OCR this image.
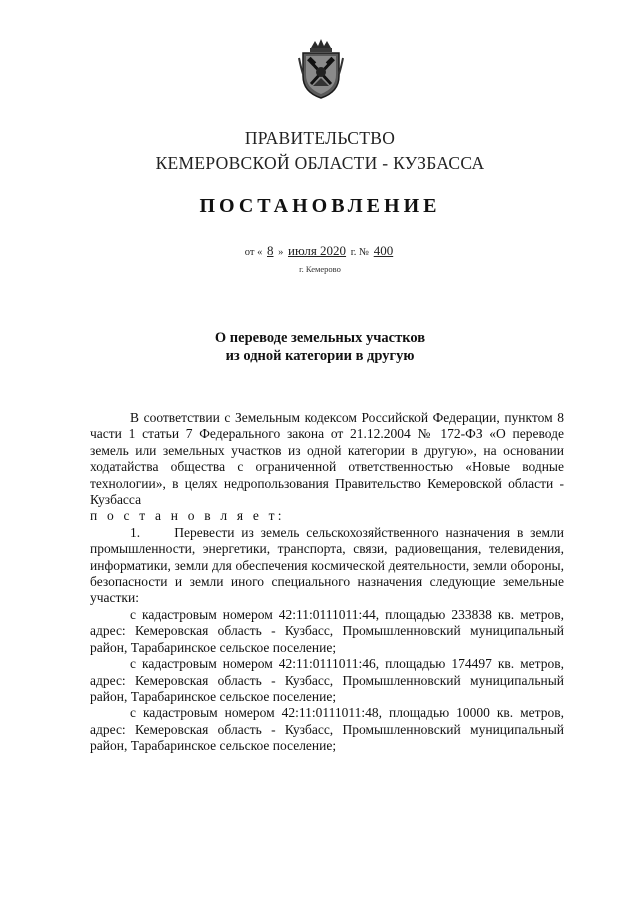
ПРАВИТЕЛЬСТВО
КЕМЕРОВСКОЙ ОБЛАСТИ - КУЗБАССА
ПОСТАНОВЛЕНИЕ
от « 8 » июля 2020 г. № 400
г. Кемерово
О переводе земельных участков
из одной категории в другую

В соответствии с Земельным кодексом Российской Федерации, пунктом 8 части 1 статьи 7 Федерального закона от 21.12.2004 № 172-ФЗ «О переводе земель или земельных участков из одной категории в другую», на основании ходатайства общества с ограниченной ответственностью «Новые водные технологии», в целях недропользования Правительство Кемеровской области - Кузбасса

п о с т а н о в л я е т:

1.     Перевести из земель сельскохозяйственного назначения в земли промышленности, энергетики, транспорта, связи, радиовещания, телевидения, информатики, земли для обеспечения космической деятельности, земли обороны, безопасности и земли иного специального назначения следующие земельные участки:

с кадастровым номером 42:11:0111011:44, площадью 233838 кв. метров, адрес: Кемеровская область - Кузбасс, Промышленновский муниципальный район, Тарабаринское сельское поселение;

с кадастровым номером 42:11:0111011:46, площадью 174497 кв. метров, адрес: Кемеровская область - Кузбасс, Промышленновский муниципальный район, Тарабаринское сельское поселение;

с кадастровым номером 42:11:0111011:48, площадью 10000 кв. метров, адрес: Кемеровская область - Кузбасс, Промышленновский муниципальный район, Тарабаринское сельское поселение;
